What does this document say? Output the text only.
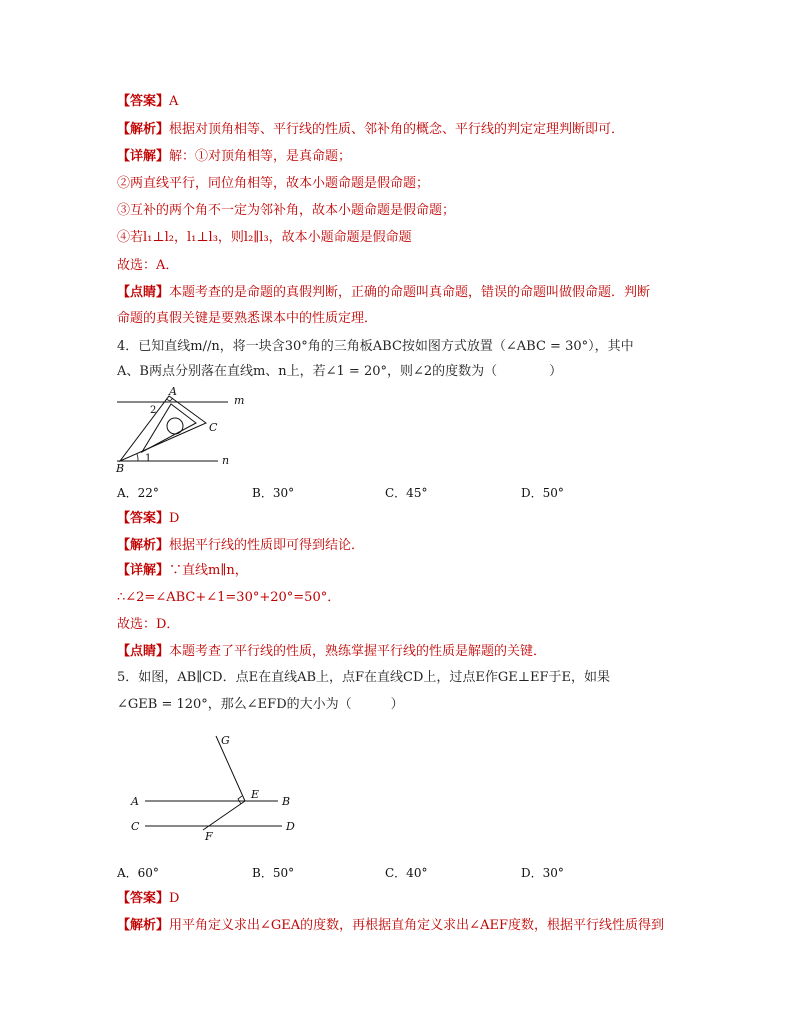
【答案】A
【解析】根据对顶角相等、平行线的性质、邻补角的概念、平行线的判定定理判断即可．
【详解】解：①对顶角相等，是真命题；
②两直线平行，同位角相等，故本小题命题是假命题；
③互补的两个角不一定为邻补角，故本小题命题是假命题；
④若l₁⊥l₂，l₁⊥l₃，则l₂∥l₃，故本小题命题是假命题
故选：A．
【点睛】本题考查的是命题的真假判断，正确的命题叫真命题，错误的命题叫做假命题．判断
命题的真假关键是要熟悉课本中的性质定理．
4．已知直线m//n，将一块含30°角的三角板ABC按如图方式放置（∠ABC = 30°），其中
A、B两点分别落在直线m、n上，若∠1 = 20°，则∠2的度数为（　　　　）
A
2
C
B
1
m
n
A．22°	B．30°	C．45°	D．50°
【答案】D
【解析】根据平行线的性质即可得到结论．
【详解】∵直线m∥n，
∴∠2=∠ABC+∠1=30°+20°=50°．
故选：D．
【点睛】本题考查了平行线的性质，熟练掌握平行线的性质是解题的关键．
5．如图，AB∥CD．点E在直线AB上，点F在直线CD上，过点E作GE⊥EF于E，如果
∠GEB = 120°，那么∠EFD的大小为（　　　）
G
E
A	B
C	D
F
A．60°	B．50°	C．40°	D．30°
【答案】D
【解析】用平角定义求出∠GEA的度数，再根据直角定义求出∠AEF度数，根据平行线性质得到
